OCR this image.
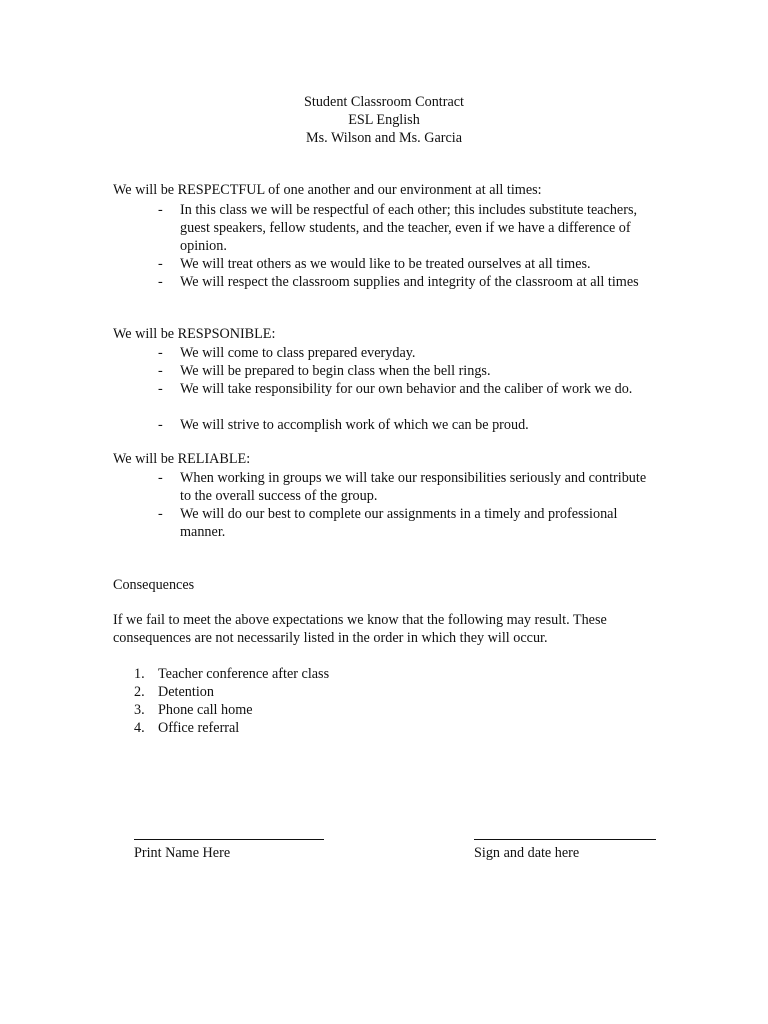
Student Classroom Contract
ESL English
Ms. Wilson and Ms. Garcia
We will be RESPECTFUL of one another and our environment at all times:
- In this class we will be respectful of each other; this includes substitute teachers, guest speakers, fellow students, and the teacher, even if we have a difference of opinion.
- We will treat others as we would like to be treated ourselves at all times.
- We will respect the classroom supplies and integrity of the classroom at all times
We will be RESPSONIBLE:
- We will come to class prepared everyday.
- We will be prepared to begin class when the bell rings.
- We will take responsibility for our own behavior and the caliber of work we do.
- We will strive to accomplish work of which we can be proud.
We will be RELIABLE:
- When working in groups we will take our responsibilities seriously and contribute to the overall success of the group.
- We will do our best to complete our assignments in a timely and professional manner.
Consequences
If we fail to meet the above expectations we know that the following may result. These
consequences are not necessarily listed in the order in which they will occur.
1. Teacher conference after class
2. Detention
3. Phone call home
4. Office referral
Print Name Here	Sign and date here
